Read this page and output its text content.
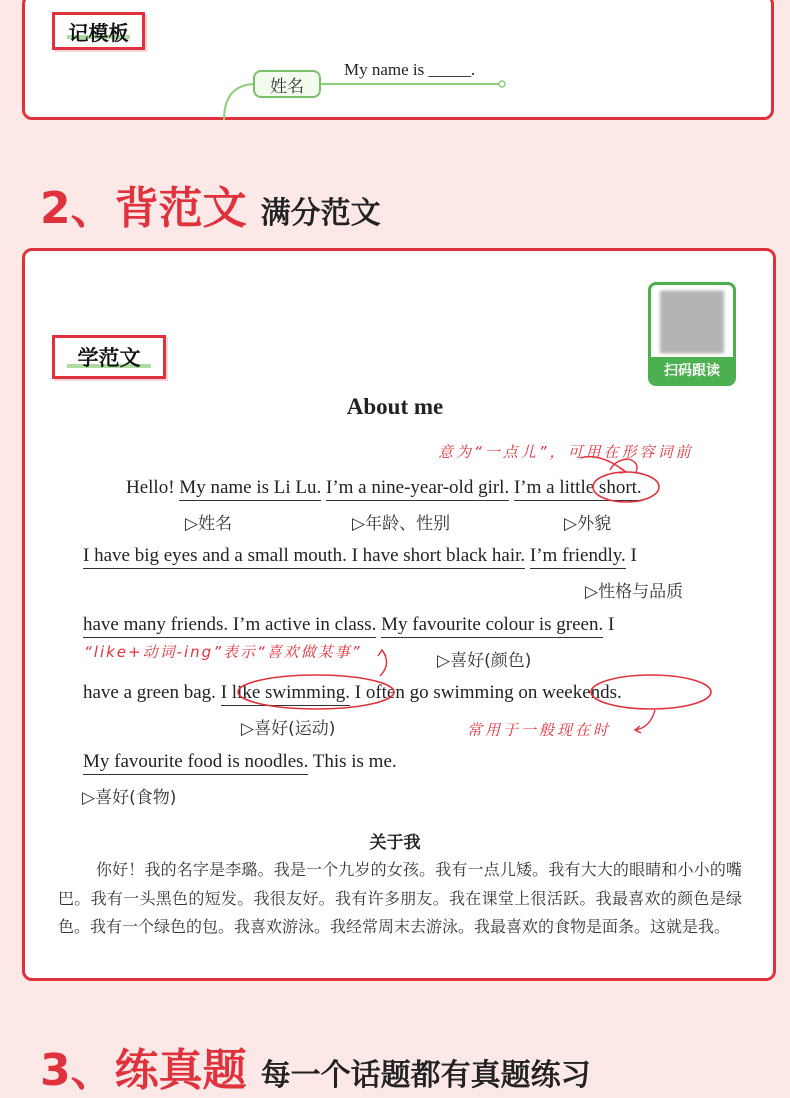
记模板
姓名
My name is _____.
2、背范文 满分范文
学范文
扫码跟读
About me
意为“一点儿”，可用在形容词前
Hello! My name is Li Lu. I’m a nine-year-old girl. I’m a little short.
▷姓名	▷年龄、性别	▷外貌
I have big eyes and a small mouth. I have short black hair. I’m friendly. I
▷性格与品质
have many friends. I’m active in class. My favourite colour is green. I
“like+动词-ing”表示“喜欢做某事”	▷喜好(颜色)
have a green bag. I like swimming. I often go swimming on weekends.
▷喜好(运动)	常用于一般现在时
My favourite food is noodles. This is me.
▷喜好(食物)
关于我
你好！我的名字是李璐。我是一个九岁的女孩。我有一点儿矮。我有大大的眼睛和小小的嘴巴。我有一头黑色的短发。我很友好。我有许多朋友。我在课堂上很活跃。我最喜欢的颜色是绿色。我有一个绿色的包。我喜欢游泳。我经常周末去游泳。我最喜欢的食物是面条。这就是我。
3、练真题 每一个话题都有真题练习
